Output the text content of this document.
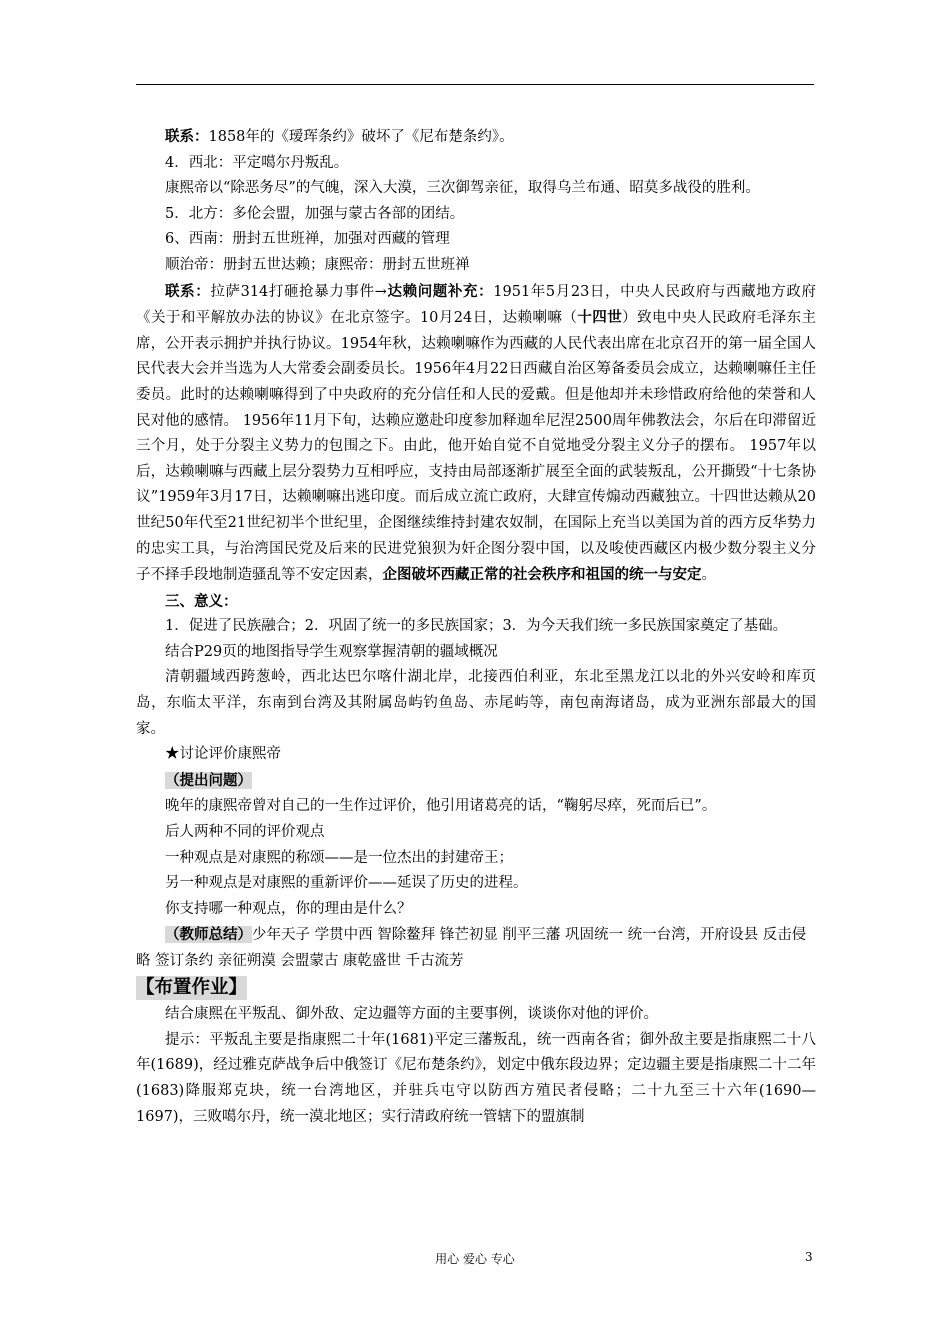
联系：1858年的《瑷珲条约》破坏了《尼布楚条约》。

4．西北：平定噶尔丹叛乱。

康熙帝以“除恶务尽”的气魄，深入大漠，三次御驾亲征，取得乌兰布通、昭莫多战役的胜利。

5．北方：多伦会盟，加强与蒙古各部的团结。

6、西南：册封五世班禅，加强对西藏的管理

顺治帝：册封五世达赖；康熙帝：册封五世班禅

联系：拉萨314打砸抢暴力事件→达赖问题补充：1951年5月23日，中央人民政府与西藏地方政府《关于和平解放办法的协议》在北京签字。10月24日，达赖喇嘛（十四世）致电中央人民政府毛泽东主席，公开表示拥护并执行协议。1954年秋，达赖喇嘛作为西藏的人民代表出席在北京召开的第一届全国人民代表大会并当选为人大常委会副委员长。1956年4月22日西藏自治区筹备委员会成立，达赖喇嘛任主任委员。此时的达赖喇嘛得到了中央政府的充分信任和人民的爱戴。但是他却并未珍惜政府给他的荣誉和人民对他的感情。 1956年11月下旬，达赖应邀赴印度参加释迦牟尼涅2500周年佛教法会，尔后在印滞留近三个月，处于分裂主义势力的包围之下。由此，他开始自觉不自觉地受分裂主义分子的摆布。 1957年以后，达赖喇嘛与西藏上层分裂势力互相呼应，支持由局部逐渐扩展至全面的武装叛乱，公开撕毁“十七条协议”1959年3月17日，达赖喇嘛出逃印度。而后成立流亡政府，大肆宣传煽动西藏独立。十四世达赖从20世纪50年代至21世纪初半个世纪里，企图继续维持封建农奴制，在国际上充当以美国为首的西方反华势力的忠实工具，与治湾国民党及后来的民进党狼狈为奸企图分裂中国，以及唆使西藏区内极少数分裂主义分子不择手段地制造骚乱等不安定因素，企图破坏西藏正常的社会秩序和祖国的统一与安定。

三、意义：

1．促进了民族融合；2．巩固了统一的多民族国家；3．为今天我们统一多民族国家奠定了基础。

结合P29页的地图指导学生观察掌握清朝的疆域概况

清朝疆域西跨葱岭，西北达巴尔喀什湖北岸，北接西伯利亚，东北至黑龙江以北的外兴安岭和库页岛，东临太平洋，东南到台湾及其附属岛屿钓鱼岛、赤尾屿等，南包南海诸岛，成为亚洲东部最大的国家。

★讨论评价康熙帝

（提出问题）

晚年的康熙帝曾对自己的一生作过评价，他引用诸葛亮的话，“鞠躬尽瘁，死而后已”。

后人两种不同的评价观点

一种观点是对康熙的称颂——是一位杰出的封建帝王；

另一种观点是对康熙的重新评价——延误了历史的进程。

你支持哪一种观点，你的理由是什么？

（教师总结）少年天子 学贯中西 智除鳌拜 锋芒初显 削平三藩 巩固统一 统一台湾，开府设县 反击侵略 签订条约 亲征朔漠 会盟蒙古 康乾盛世 千古流芳

【布置作业】

结合康熙在平叛乱、御外敌、定边疆等方面的主要事例，谈谈你对他的评价。

提示：平叛乱主要是指康熙二十年(1681)平定三藩叛乱，统一西南各省；御外敌主要是指康熙二十八年(1689)，经过雅克萨战争后中俄签订《尼布楚条约》，划定中俄东段边界；定边疆主要是指康熙二十二年(1683)降服郑克块，统一台湾地区，并驻兵屯守以防西方殖民者侵略；二十九至三十六年(1690—1697)，三败噶尔丹，统一漠北地区；实行清政府统一管辖下的盟旗制

用心 爱心 专心	3
